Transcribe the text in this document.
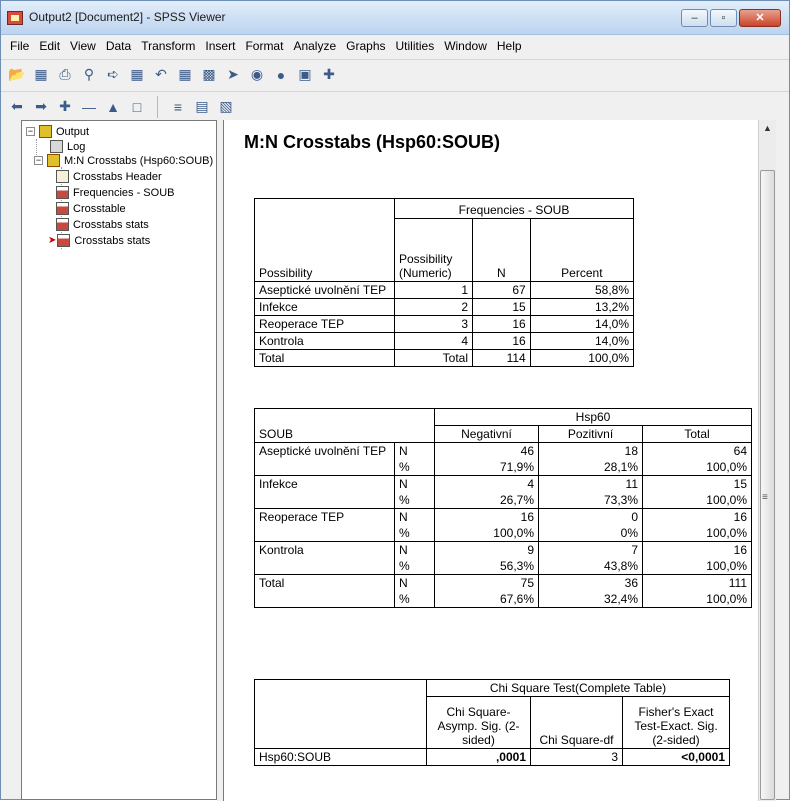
Output2 [Document2] - SPSS Viewer	‒	▫	✕
File Edit View Data Transform Insert Format Analyze Graphs Utilities Window Help
📂 ▦ ⎙ ⚲ ➪ ▦ ↶ ▦ ▩ ➤ ◉ ● ▣ ✚
⬅ ➡ ✚ — ▲ □	≡ ▤ ▧
− Output
Log
− M:N Crosstabs (Hsp60:SOUB)
Crosstabs Header
Frequencies - SOUB
Crosstable
Crosstabs stats
➤ Crosstabs stats
M:N Crosstabs (Hsp60:SOUB)
	Frequencies - SOUB		

Possibility	Possibility (Numeric)	N	Percent
Aseptické uvolnění TEP	1	67	58,8%
Infekce	2	15	13,2%
Reoperace TEP	3	16	14,0%
Kontrola	4	16	14,0%
Total	Total	114	100,0%
		Hsp60		
SOUB		Negativní	Pozitivní	Total
Aseptické uvolnění TEP	N	46	18	64
	%	71,9%	28,1%	100,0%
Infekce	N	4	11	15
	%	26,7%	73,3%	100,0%
Reoperace TEP	N	16	0	16
	%	100,0%	0%	100,0%
Kontrola	N	9	7	16
	%	56,3%	43,8%	100,0%
Total	N	75	36	111
	%	67,6%	32,4%	100,0%
	Chi Square Test(Complete Table)		
	Chi Square-Asymp. Sig. (2-sided)	Chi Square-df	Fisher's Exact Test-Exact. Sig. (2-sided)
Hsp60:SOUB	,0001	3	<0,0001
▲
≡
